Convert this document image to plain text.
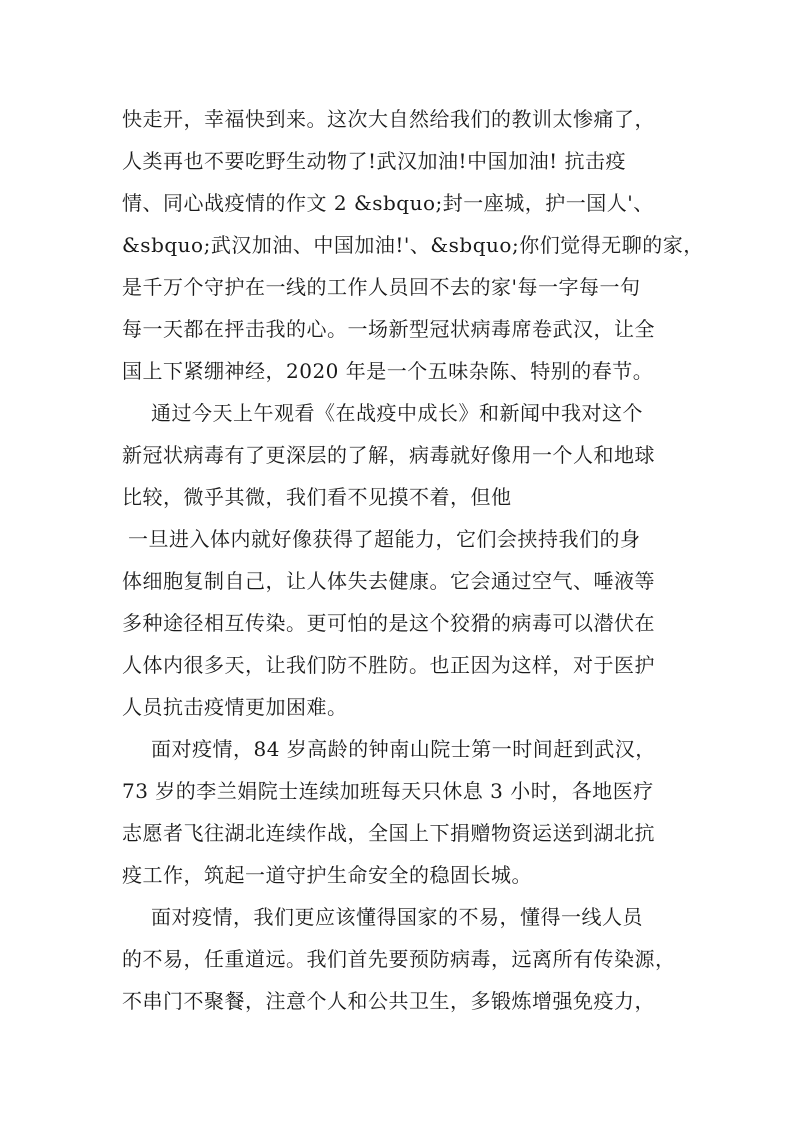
快走开，幸福快到来。这次大自然给我们的教训太惨痛了，
人类再也不要吃野生动物了!武汉加油!中国加油! 抗击疫
情、同心战疫情的作文 2 &sbquo;封一座城，护一国人'、
&sbquo;武汉加油、中国加油!'、&sbquo;你们觉得无聊的家，
是千万个守护在一线的工作人员回不去的家'每一字每一句
每一天都在抨击我的心。一场新型冠状病毒席卷武汉，让全
国上下紧绷神经，2020 年是一个五味杂陈、特别的春节。
通过今天上午观看《在战疫中成长》和新闻中我对这个
新冠状病毒有了更深层的了解，病毒就好像用一个人和地球
比较，微乎其微，我们看不见摸不着，但他
一旦进入体内就好像获得了超能力，它们会挟持我们的身
体细胞复制自己，让人体失去健康。它会通过空气、唾液等
多种途径相互传染。更可怕的是这个狡猾的病毒可以潜伏在
人体内很多天，让我们防不胜防。也正因为这样，对于医护
人员抗击疫情更加困难。
面对疫情，84 岁高龄的钟南山院士第一时间赶到武汉，
73 岁的李兰娟院士连续加班每天只休息 3 小时，各地医疗
志愿者飞往湖北连续作战，全国上下捐赠物资运送到湖北抗
疫工作，筑起一道守护生命安全的稳固长城。
面对疫情，我们更应该懂得国家的不易，懂得一线人员
的不易，任重道远。我们首先要预防病毒，远离所有传染源，
不串门不聚餐，注意个人和公共卫生，多锻炼增强免疫力，
